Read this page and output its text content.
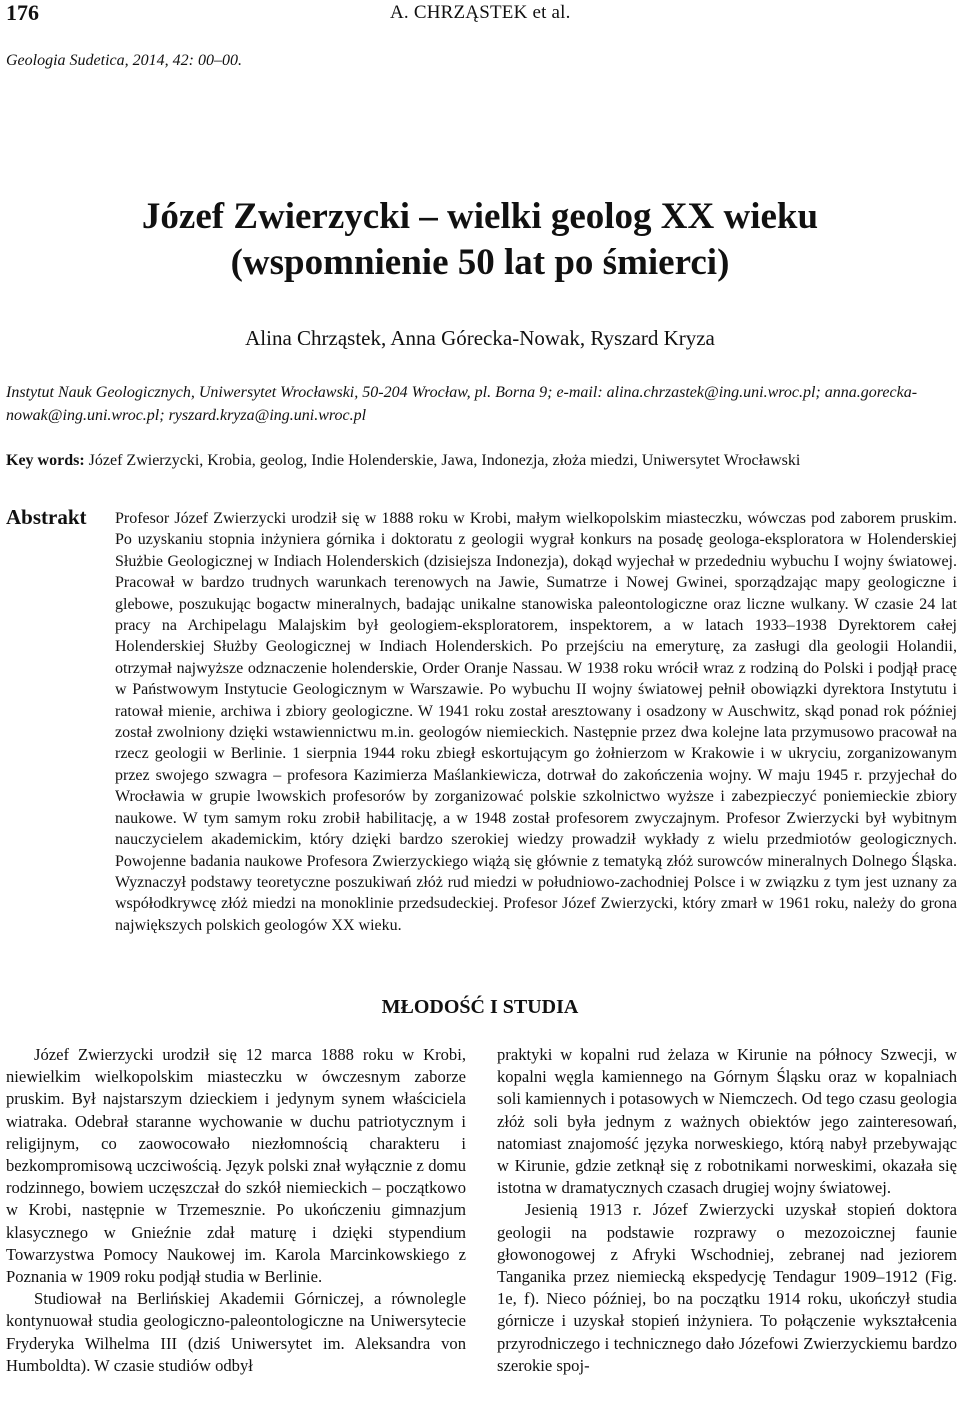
176	A. CHRZĄSTEK et al.
Geologia Sudetica, 2014, 42: 00–00.
Józef Zwierzycki – wielki geolog XX wieku
(wspomnienie 50 lat po śmierci)
Alina Chrząstek, Anna Górecka-Nowak, Ryszard Kryza
Instytut Nauk Geologicznych, Uniwersytet Wrocławski, 50-204 Wrocław, pl. Borna 9; e-mail: alina.chrzastek@ing.uni.wroc.pl; anna.gorecka-nowak@ing.uni.wroc.pl; ryszard.kryza@ing.uni.wroc.pl
Key words: Józef Zwierzycki, Krobia, geolog, Indie Holenderskie, Jawa, Indonezja, złoża miedzi, Uniwersytet Wrocławski
Abstrakt Profesor Józef Zwierzycki urodził się w 1888 roku w Krobi, małym wielkopolskim miasteczku, wówczas pod zaborem pruskim. Po uzyskaniu stopnia inżyniera górnika i doktoratu z geologii wygrał konkurs na posadę geologa-eksploratora w Holenderskiej Służbie Geologicznej w Indiach Holenderskich (dzisiejsza Indonezja), dokąd wyjechał w przededniu wybuchu I wojny światowej. Pracował w bardzo trudnych warunkach terenowych na Jawie, Sumatrze i Nowej Gwinei, sporządzając mapy geologiczne i glebowe, poszukując bogactw mineralnych, badając unikalne stanowiska paleontologiczne oraz liczne wulkany. W czasie 24 lat pracy na Archipelagu Malajskim był geologiem-eksploratorem, inspektorem, a w latach 1933–1938 Dyrektorem całej Holenderskiej Służby Geologicznej w Indiach Holenderskich. Po przejściu na emeryturę, za zasługi dla geologii Holandii, otrzymał najwyższe odznaczenie holenderskie, Order Oranje Nassau. W 1938 roku wrócił wraz z rodziną do Polski i podjął pracę w Państwowym Instytucie Geologicznym w Warszawie. Po wybuchu II wojny światowej pełnił obowiązki dyrektora Instytutu i ratował mienie, archiwa i zbiory geologiczne. W 1941 roku został aresztowany i osadzony w Auschwitz, skąd ponad rok później został zwolniony dzięki wstawiennictwu m.in. geologów niemieckich. Następnie przez dwa kolejne lata przymusowo pracował na rzecz geologii w Berlinie. 1 sierpnia 1944 roku zbiegł eskortującym go żołnierzom w Krakowie i w ukryciu, zorganizowanym przez swojego szwagra – profesora Kazimierza Maślankiewicza, dotrwał do zakończenia wojny. W maju 1945 r. przyjechał do Wrocławia w grupie lwowskich profesorów by zorganizować polskie szkolnictwo wyższe i zabezpieczyć poniemieckie zbiory naukowe. W tym samym roku zrobił habilitację, a w 1948 został profesorem zwyczajnym. Profesor Zwierzycki był wybitnym nauczycielem akademickim, który dzięki bardzo szerokiej wiedzy prowadził wykłady z wielu przedmiotów geologicznych. Powojenne badania naukowe Profesora Zwierzyckiego wiążą się głównie z tematyką złóż surowców mineralnych Dolnego Śląska. Wyznaczył podstawy teoretyczne poszukiwań złóż rud miedzi w południowo-zachodniej Polsce i w związku z tym jest uznany za współodkrywcę złóż miedzi na monoklinie przedsudeckiej. Profesor Józef Zwierzycki, który zmarł w 1961 roku, należy do grona największych polskich geologów XX wieku.
MŁODOŚĆ I STUDIA

Józef Zwierzycki urodził się 12 marca 1888 roku w Krobi, niewielkim wielkopolskim miasteczku w ówczesnym zaborze pruskim. Był najstarszym dzieckiem i jedynym synem właściciela wiatraka. Odebrał staranne wychowanie w duchu patriotycznym i religijnym, co zaowocowało niezłomnością charakteru i bezkompromisową uczciwością. Język polski znał wyłącznie z domu rodzinnego, bowiem uczęszczał do szkół niemieckich – początkowo w Krobi, następnie w Trzemesznie. Po ukończeniu gimnazjum klasycznego w Gnieźnie zdał maturę i dzięki stypendium Towarzystwa Pomocy Naukowej im. Karola Marcinkowskiego z Poznania w 1909 roku podjął studia w Berlinie.

Studiował na Berlińskiej Akademii Górniczej, a równolegle kontynuował studia geologiczno-paleontologiczne na Uniwersytecie Fryderyka Wilhelma III (dziś Uniwersytet im. Aleksandra von Humboldta). W czasie studiów odbył

praktyki w kopalni rud żelaza w Kirunie na północy Szwecji, w kopalni węgla kamiennego na Górnym Śląsku oraz w kopalniach soli kamiennych i potasowych w Niemczech. Od tego czasu geologia złóż soli była jednym z ważnych obiektów jego zainteresowań, natomiast znajomość języka norweskiego, którą nabył przebywając w Kirunie, gdzie zetknął się z robotnikami norweskimi, okazała się istotna w dramatycznych czasach drugiej wojny światowej.

Jesienią 1913 r. Józef Zwierzycki uzyskał stopień doktora geologii na podstawie rozprawy o mezozoicznej faunie głowonogowej z Afryki Wschodniej, zebranej nad jeziorem Tanganika przez niemiecką ekspedycję Tendagur 1909–1912 (Fig. 1e, f). Nieco później, bo na początku 1914 roku, ukończył studia górnicze i uzyskał stopień inżyniera. To połączenie wykształcenia przyrodniczego i technicznego dało Józefowi Zwierzyckiemu bardzo szerokie spoj-
